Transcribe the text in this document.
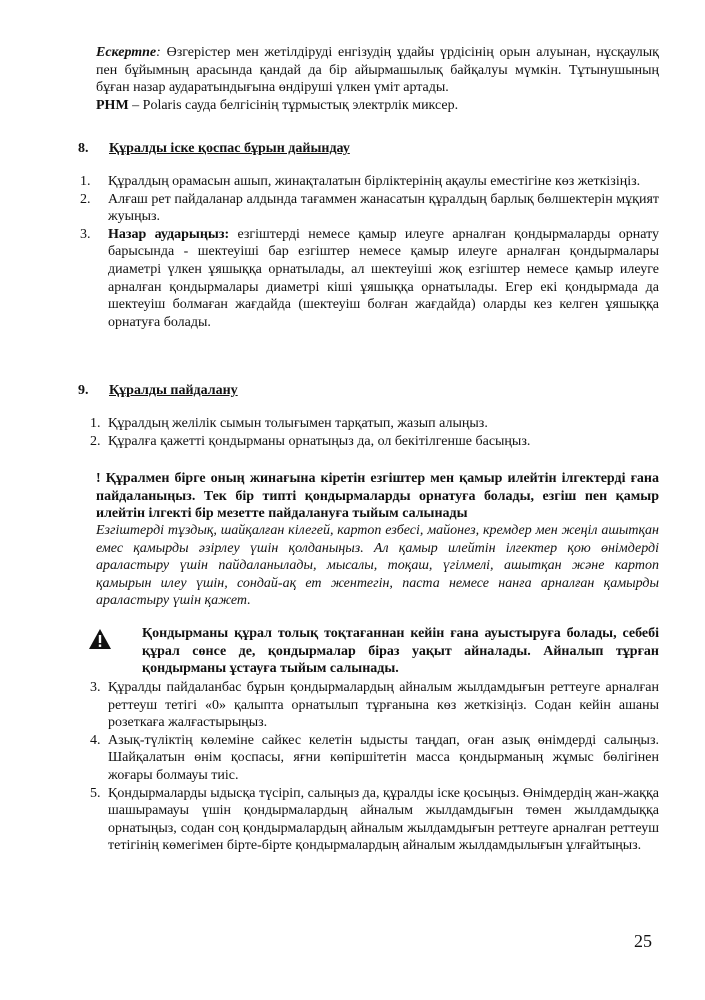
Ескертпе: Өзгерістер мен жетілдіруді енгізудің ұдайы үрдісінің орын алуынан, нұсқаулық пен бұйымның арасында қандай да бір айырмашылық байқалуы мүмкін. Тұтынушының бұған назар аударатындығына өндіруші үлкен үміт артады.
PHM – Polaris сауда белгісінің тұрмыстық электрлік миксер.
8. Құралды іске қоспас бұрын дайындау
1. Құралдың орамасын ашып, жинақталатын бірліктерінің ақаулы еместігіне көз жеткізіңіз.
2. Алғаш рет пайдаланар алдында тағаммен жанасатын құралдың барлық бөлшектерін мұқият жуыңыз.
3. Назар аударыңыз: езгіштерді немесе қамыр илеуге арналған қондырмаларды орнату барысында - шектеуіші бар езгіштер немесе қамыр илеуге арналған қондырмалары диаметрі үлкен ұяшыққа орнатылады, ал шектеуіші жоқ езгіштер немесе қамыр илеуге арналған қондырмалары диаметрі кіші ұяшыққа орнатылады. Егер екі қондырмада да шектеуіш болмаған жағдайда (шектеуіш болған жағдайда) оларды кез келген ұяшыққа орнатуға болады.
9. Құралды пайдалану
1. Құралдың желілік сымын толығымен тарқатып, жазып алыңыз.
2. Құралға қажетті қондырманы орнатыңыз да, ол бекітілгенше басыңыз.
! Құралмен бірге оның жинағына кіретін езгіштер мен қамыр илейтін ілгектерді ғана пайдаланыңыз. Тек бір типті қондырмаларды орнатуға болады, езгіш пен қамыр илейтін ілгекті бір мезетте пайдалануға тыйым салынады
Езгіштерді тұздық, шайқалған кілегей, картоп езбесі, майонез, кремдер мен жеңіл ашытқан емес қамырды әзірлеу үшін қолданыңыз. Ал қамыр илейтін ілгектер қою өнімдерді араластыру үшін пайдаланылады, мысалы, тоқаш, үгілмелі, ашытқан және картоп қамырын илеу үшін, сондай-ақ ет жентегін, паста немесе нанға арналған қамырды араластыру үшін қажет.
Қондырманы құрал толық тоқтағаннан кейін ғана ауыстыруға болады, себебі құрал сөнсе де, қондырмалар біраз уақыт айналады. Айналып тұрған қондырманы ұстауға тыйым салынады.
3. Құралды пайдаланбас бұрын қондырмалардың айналым жылдамдығын реттеуге арналған реттеуш тетігі «0» қалыпта орнатылып тұрғанына көз жеткізіңіз. Содан кейін ашаны розеткаға жалғастырыңыз.
4. Азық-түліктің көлеміне сайкес келетін ыдысты таңдап, оған азық өнімдерді салыңыз. Шайқалатын өнім қоспасы, яғни көпіршітетін масса қондырманың жұмыс бөлігінен жоғары болмауы тиіс.
5. Қондырмаларды ыдысқа түсіріп, салыңыз да, құралды іске қосыңыз. Өнімдердің жан-жаққа шашырамауы үшін қондырмалардың айналым жылдамдығын төмен жылдамдыққа орнатыңыз, содан соң қондырмалардың айналым жылдамдығын реттеуге арналған реттеуш тетігінің көмегімен бірте-бірте қондырмалардың айналым жылдамдылығын ұлғайтыңыз.
25
